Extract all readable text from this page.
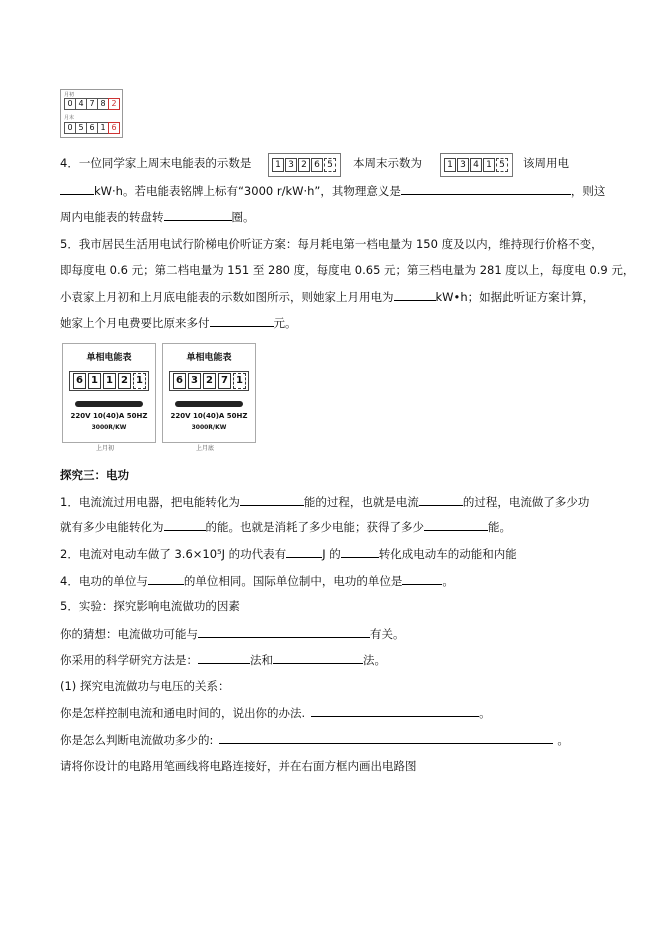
月初
0 4 7 8 2
月末
0 5 6 1 6
4．一位同学家上周末电能表的示数是	1 3 2 6 5 本周末示数为	1 3 4 1 5 该周用电
kW·h。若电能表铭牌上标有“3000 r/kW·h”，其物理意义是	，则这
周内电能表的转盘转	圈。
5．我市居民生活用电试行阶梯电价听证方案：每月耗电第一档电量为 150 度及以内，维持现行价格不变，
即每度电 0.6 元；第二档电量为 151 至 280 度，每度电 0.65 元；第三档电量为 281 度以上，每度电 0.9 元，
小袁家上月初和上月底电能表的示数如图所示，则她家上月用电为	kW•h；如据此听证方案计算，
她家上个月电费要比原来多付	元。
单相电能表
6 1 1 2 1
220V 10(40)A 50HZ
3000R/KW
上月初
单相电能表
6 3 2 7 1
220V 10(40)A 50HZ
3000R/KW
上月底
探究三：电功
1．电流流过用电器，把电能转化为	能的过程，也就是电流	的过程，电流做了多少功
就有多少电能转化为	的能。也就是消耗了多少电能；获得了多少	能。
2．电流对电动车做了 3.6×10⁵J 的功代表有	J 的	转化成电动车的动能和内能
4．电功的单位与	的单位相同。国际单位制中，电功的单位是	。
5．实验：探究影响电流做功的因素
你的猜想：电流做功可能与	有关。
你采用的科学研究方法是：	法和	法。
(1) 探究电流做功与电压的关系：
你是怎样控制电流和通电时间的，说出你的办法.	。
你是怎么判断电流做功多少的:	。
请将你设计的电路用笔画线将电路连接好，并在右面方框内画出电路图
